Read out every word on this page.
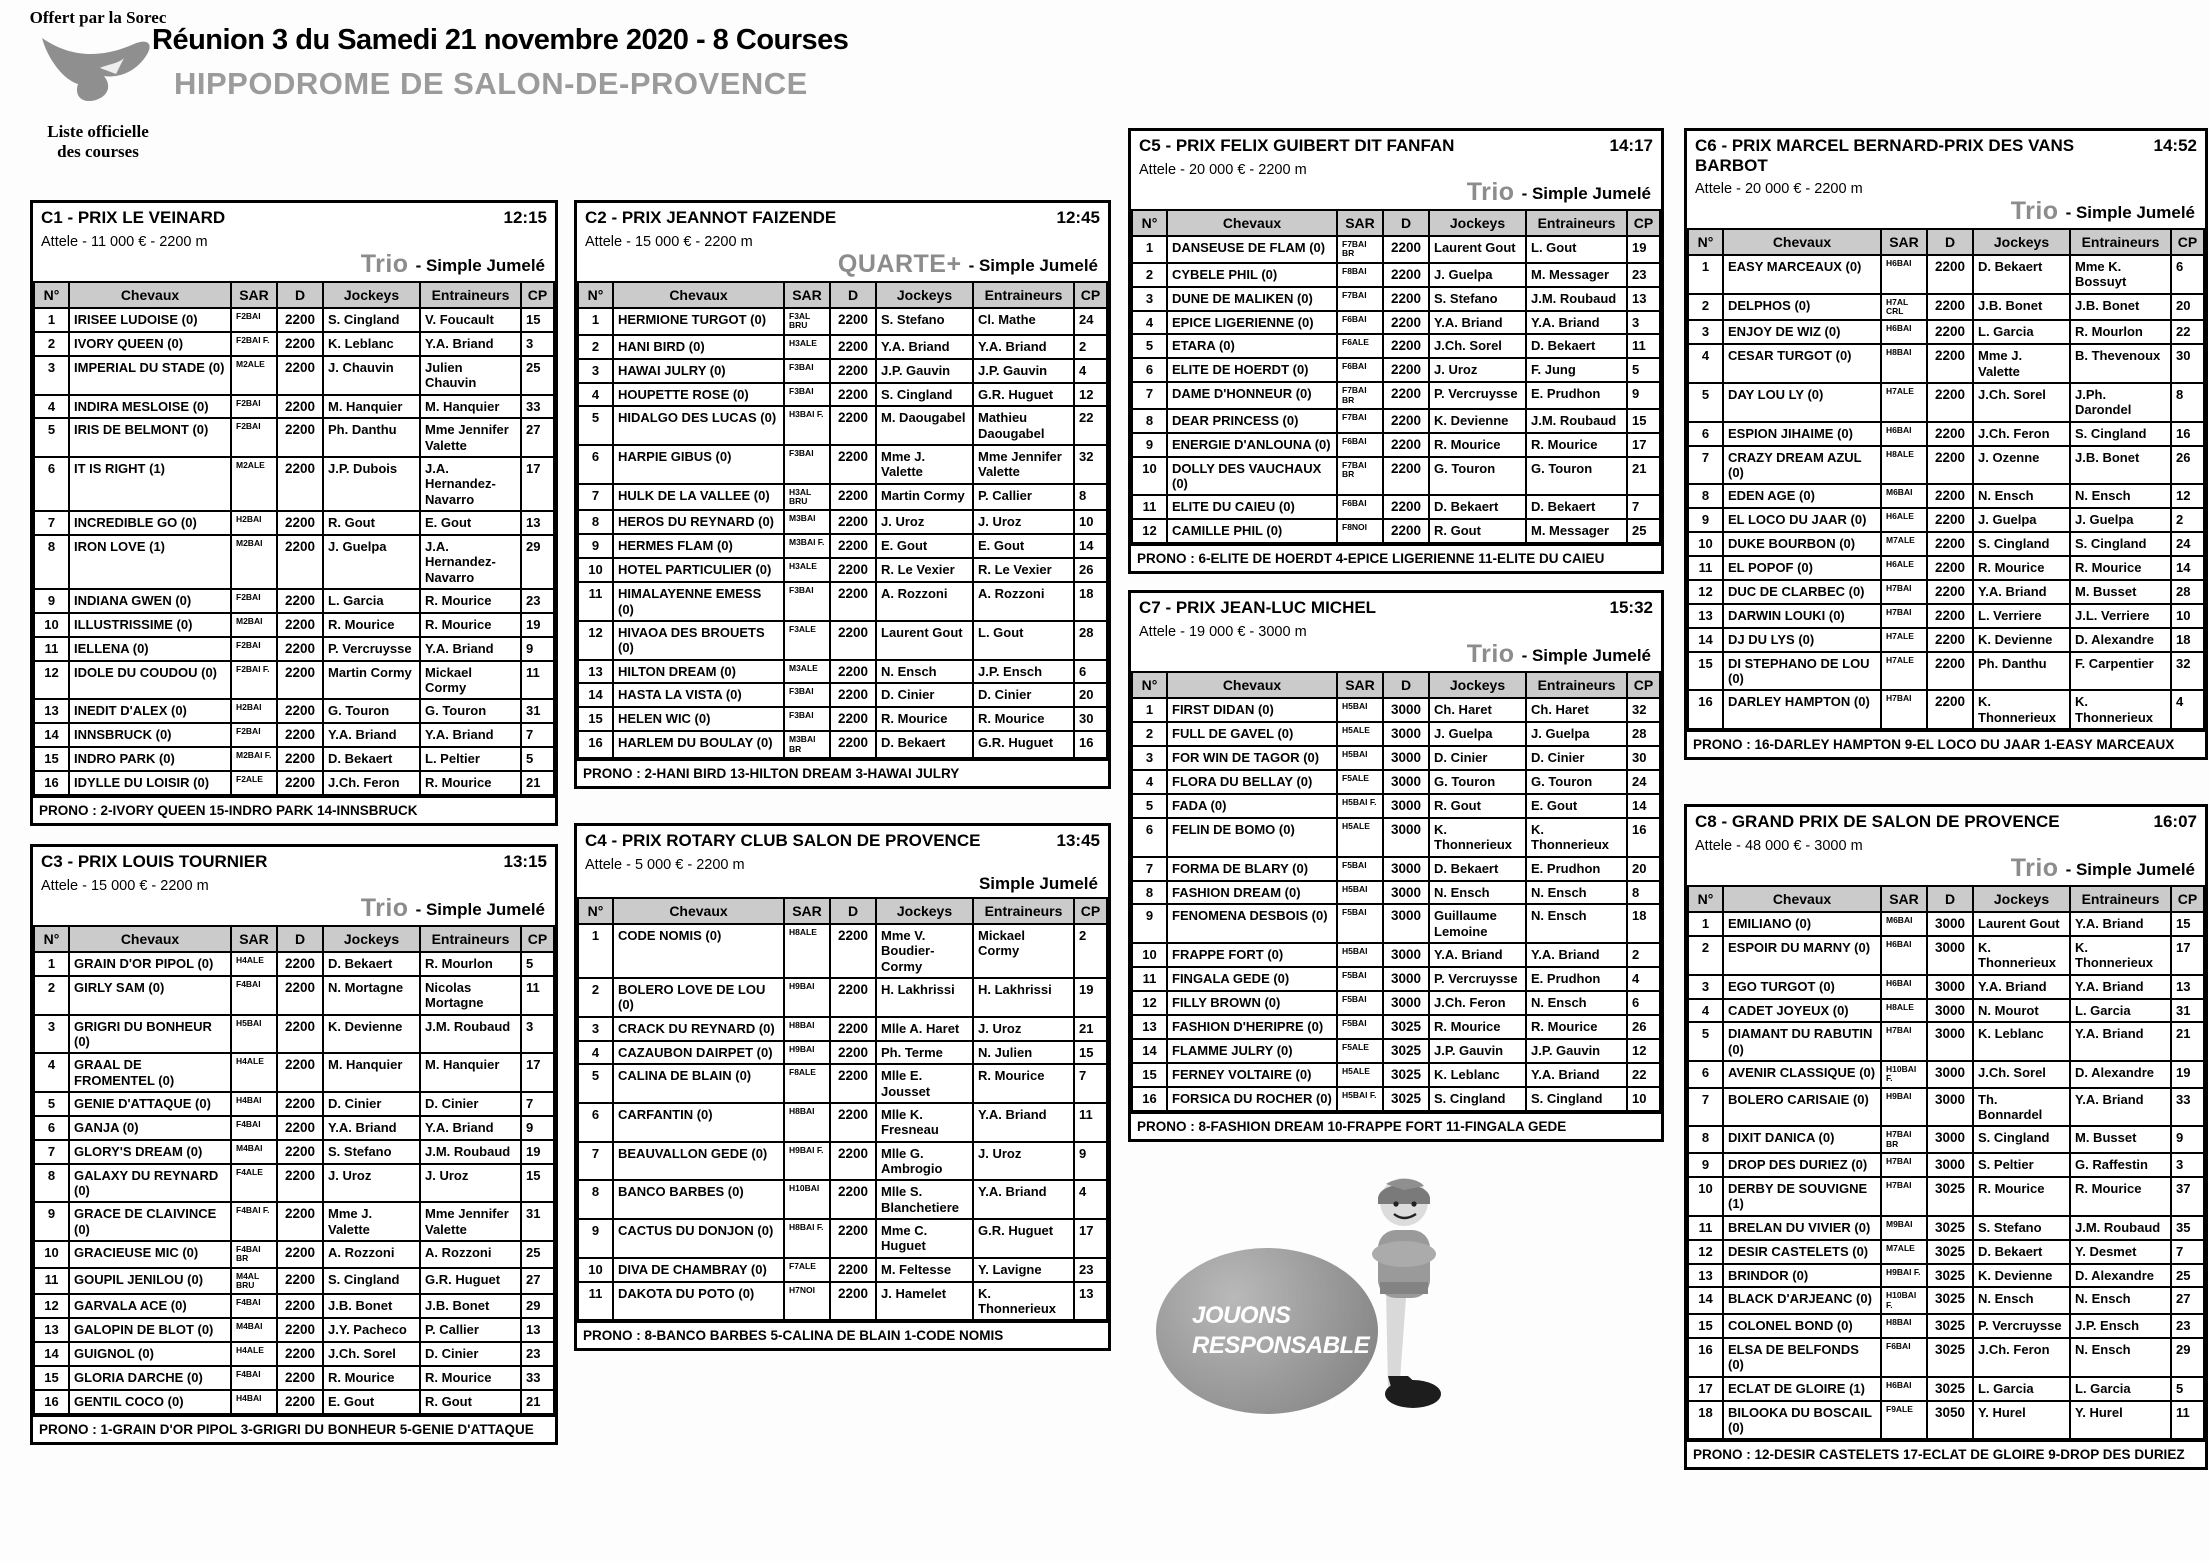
Offert par la Sorec
Liste officielle
des courses
Réunion 3 du Samedi 21 novembre 2020 - 8 Courses
HIPPODROME DE SALON-DE-PROVENCE
C1 - PRIX LE VEINARD	12:15
Attele - 11 000 € - 2200 m
Trio - Simple Jumelé
N°	Chevaux	SAR	D	Jockeys	Entraineurs	CP
1	IRISEE LUDOISE (0)	F2BAI	2200	S. Cingland	V. Foucault	15
2	IVORY QUEEN (0)	F2BAI F.	2200	K. Leblanc	Y.A. Briand	3
3	IMPERIAL DU STADE (0)	M2ALE	2200	J. Chauvin	Julien Chauvin	25
4	INDIRA MESLOISE (0)	F2BAI	2200	M. Hanquier	M. Hanquier	33
5	IRIS DE BELMONT (0)	F2BAI	2200	Ph. Danthu	Mme Jennifer Valette	27
6	IT IS RIGHT (1)	M2ALE	2200	J.P. Dubois	J.A. Hernandez-Navarro	17
7	INCREDIBLE GO (0)	H2BAI	2200	R. Gout	E. Gout	13
8	IRON LOVE (1)	M2BAI	2200	J. Guelpa	J.A. Hernandez-Navarro	29
9	INDIANA GWEN (0)	F2BAI	2200	L. Garcia	R. Mourice	23
10	ILLUSTRISSIME (0)	M2BAI	2200	R. Mourice	R. Mourice	19
11	IELLENA (0)	F2BAI	2200	P. Vercruysse	Y.A. Briand	9
12	IDOLE DU COUDOU (0)	F2BAI F.	2200	Martin Cormy	Mickael Cormy	11
13	INEDIT D'ALEX (0)	H2BAI	2200	G. Touron	G. Touron	31
14	INNSBRUCK (0)	F2BAI	2200	Y.A. Briand	Y.A. Briand	7
15	INDRO PARK (0)	M2BAI F.	2200	D. Bekaert	L. Peltier	5
16	IDYLLE DU LOISIR (0)	F2ALE	2200	J.Ch. Feron	R. Mourice	21
PRONO : 2-IVORY QUEEN 15-INDRO PARK 14-INNSBRUCK
C3 - PRIX LOUIS TOURNIER	13:15
Attele - 15 000 € - 2200 m
Trio - Simple Jumelé
N°	Chevaux	SAR	D	Jockeys	Entraineurs	CP
1	GRAIN D'OR PIPOL (0)	H4ALE	2200	D. Bekaert	R. Mourlon	5
2	GIRLY SAM (0)	F4BAI	2200	N. Mortagne	Nicolas Mortagne	11
3	GRIGRI DU BONHEUR (0)	H5BAI	2200	K. Devienne	J.M. Roubaud	3
4	GRAAL DE FROMENTEL (0)	H4ALE	2200	M. Hanquier	M. Hanquier	17
5	GENIE D'ATTAQUE (0)	H4BAI	2200	D. Cinier	D. Cinier	7
6	GANJA (0)	F4BAI	2200	Y.A. Briand	Y.A. Briand	9
7	GLORY'S DREAM (0)	M4BAI	2200	S. Stefano	J.M. Roubaud	19
8	GALAXY DU REYNARD (0)	F4ALE	2200	J. Uroz	J. Uroz	15
9	GRACE DE CLAIVINCE (0)	F4BAI F.	2200	Mme J. Valette	Mme Jennifer Valette	31
10	GRACIEUSE MIC (0)	F4BAI BR	2200	A. Rozzoni	A. Rozzoni	25
11	GOUPIL JENILOU (0)	M4AL BRU	2200	S. Cingland	G.R. Huguet	27
12	GARVALA ACE (0)	F4BAI	2200	J.B. Bonet	J.B. Bonet	29
13	GALOPIN DE BLOT (0)	M4BAI	2200	J.Y. Pacheco	P. Callier	13
14	GUIGNOL (0)	H4ALE	2200	J.Ch. Sorel	D. Cinier	23
15	GLORIA DARCHE (0)	F4BAI	2200	R. Mourice	R. Mourice	33
16	GENTIL COCO (0)	H4BAI	2200	E. Gout	R. Gout	21
PRONO : 1-GRAIN D'OR PIPOL 3-GRIGRI DU BONHEUR 5-GENIE D'ATTAQUE
C2 - PRIX JEANNOT FAIZENDE	12:45
Attele - 15 000 € - 2200 m
QUARTE+ - Simple Jumelé
N°	Chevaux	SAR	D	Jockeys	Entraineurs	CP
1	HERMIONE TURGOT (0)	F3AL BRU	2200	S. Stefano	Cl. Mathe	24
2	HANI BIRD (0)	H3ALE	2200	Y.A. Briand	Y.A. Briand	2
3	HAWAI JULRY (0)	F3BAI	2200	J.P. Gauvin	J.P. Gauvin	4
4	HOUPETTE ROSE (0)	F3BAI	2200	S. Cingland	G.R. Huguet	12
5	HIDALGO DES LUCAS (0)	H3BAI F.	2200	M. Daougabel	Mathieu Daougabel	22
6	HARPIE GIBUS (0)	F3BAI	2200	Mme J. Valette	Mme Jennifer Valette	32
7	HULK DE LA VALLEE (0)	H3AL BRU	2200	Martin Cormy	P. Callier	8
8	HEROS DU REYNARD (0)	M3BAI	2200	J. Uroz	J. Uroz	10
9	HERMES FLAM (0)	M3BAI F.	2200	E. Gout	E. Gout	14
10	HOTEL PARTICULIER (0)	H3ALE	2200	R. Le Vexier	R. Le Vexier	26
11	HIMALAYENNE EMESS (0)	F3BAI	2200	A. Rozzoni	A. Rozzoni	18
12	HIVAOA DES BROUETS (0)	F3ALE	2200	Laurent Gout	L. Gout	28
13	HILTON DREAM (0)	M3ALE	2200	N. Ensch	J.P. Ensch	6
14	HASTA LA VISTA (0)	F3BAI	2200	D. Cinier	D. Cinier	20
15	HELEN WIC (0)	F3BAI	2200	R. Mourice	R. Mourice	30
16	HARLEM DU BOULAY (0)	M3BAI BR	2200	D. Bekaert	G.R. Huguet	16
PRONO : 2-HANI BIRD 13-HILTON DREAM 3-HAWAI JULRY
C4 - PRIX ROTARY CLUB SALON DE PROVENCE	13:45
Attele - 5 000 € - 2200 m
Simple Jumelé
N°	Chevaux	SAR	D	Jockeys	Entraineurs	CP
1	CODE NOMIS (0)	H8ALE	2200	Mme V. Boudier-Cormy	Mickael Cormy	2
2	BOLERO LOVE DE LOU (0)	H9BAI	2200	H. Lakhrissi	H. Lakhrissi	19
3	CRACK DU REYNARD (0)	H8BAI	2200	Mlle A. Haret	J. Uroz	21
4	CAZAUBON DAIRPET (0)	H9BAI	2200	Ph. Terme	N. Julien	15
5	CALINA DE BLAIN (0)	F8ALE	2200	Mlle E. Jousset	R. Mourice	7
6	CARFANTIN (0)	H8BAI	2200	Mlle K. Fresneau	Y.A. Briand	11
7	BEAUVALLON GEDE (0)	H9BAI F.	2200	Mlle G. Ambrogio	J. Uroz	9
8	BANCO BARBES (0)	H10BAI	2200	Mlle S. Blanchetiere	Y.A. Briand	4
9	CACTUS DU DONJON (0)	H8BAI F.	2200	Mme C. Huguet	G.R. Huguet	17
10	DIVA DE CHAMBRAY (0)	F7ALE	2200	M. Feltesse	Y. Lavigne	23
11	DAKOTA DU POTO (0)	H7NOI	2200	J. Hamelet	K. Thonnerieux	13
PRONO : 8-BANCO BARBES 5-CALINA DE BLAIN 1-CODE NOMIS
C5 - PRIX FELIX GUIBERT DIT FANFAN	14:17
Attele - 20 000 € - 2200 m
Trio - Simple Jumelé
N°	Chevaux	SAR	D	Jockeys	Entraineurs	CP
1	DANSEUSE DE FLAM (0)	F7BAI BR	2200	Laurent Gout	L. Gout	19
2	CYBELE PHIL (0)	F8BAI	2200	J. Guelpa	M. Messager	23
3	DUNE DE MALIKEN (0)	F7BAI	2200	S. Stefano	J.M. Roubaud	13
4	EPICE LIGERIENNE (0)	F6BAI	2200	Y.A. Briand	Y.A. Briand	3
5	ETARA (0)	F6ALE	2200	J.Ch. Sorel	D. Bekaert	11
6	ELITE DE HOERDT (0)	F6BAI	2200	J. Uroz	F. Jung	5
7	DAME D'HONNEUR (0)	F7BAI BR	2200	P. Vercruysse	E. Prudhon	9
8	DEAR PRINCESS (0)	F7BAI	2200	K. Devienne	J.M. Roubaud	15
9	ENERGIE D'ANLOUNA (0)	F6BAI	2200	R. Mourice	R. Mourice	17
10	DOLLY DES VAUCHAUX (0)	F7BAI BR	2200	G. Touron	G. Touron	21
11	ELITE DU CAIEU (0)	F6BAI	2200	D. Bekaert	D. Bekaert	7
12	CAMILLE PHIL (0)	F8NOI	2200	R. Gout	M. Messager	25
PRONO : 6-ELITE DE HOERDT 4-EPICE LIGERIENNE 11-ELITE DU CAIEU
C7 - PRIX JEAN-LUC MICHEL	15:32
Attele - 19 000 € - 3000 m
Trio - Simple Jumelé
N°	Chevaux	SAR	D	Jockeys	Entraineurs	CP
1	FIRST DIDAN (0)	H5BAI	3000	Ch. Haret	Ch. Haret	32
2	FULL DE GAVEL (0)	H5ALE	3000	J. Guelpa	J. Guelpa	28
3	FOR WIN DE TAGOR (0)	H5BAI	3000	D. Cinier	D. Cinier	30
4	FLORA DU BELLAY (0)	F5ALE	3000	G. Touron	G. Touron	24
5	FADA (0)	H5BAI F.	3000	R. Gout	E. Gout	14
6	FELIN DE BOMO (0)	H5ALE	3000	K. Thonnerieux	K. Thonnerieux	16
7	FORMA DE BLARY (0)	F5BAI	3000	D. Bekaert	E. Prudhon	20
8	FASHION DREAM (0)	H5BAI	3000	N. Ensch	N. Ensch	8
9	FENOMENA DESBOIS (0)	F5BAI	3000	Guillaume Lemoine	N. Ensch	18
10	FRAPPE FORT (0)	H5BAI	3000	Y.A. Briand	Y.A. Briand	2
11	FINGALA GEDE (0)	F5BAI	3000	P. Vercruysse	E. Prudhon	4
12	FILLY BROWN (0)	F5BAI	3000	J.Ch. Feron	N. Ensch	6
13	FASHION D'HERIPRE (0)	F5BAI	3025	R. Mourice	R. Mourice	26
14	FLAMME JULRY (0)	F5ALE	3025	J.P. Gauvin	J.P. Gauvin	12
15	FERNEY VOLTAIRE (0)	H5ALE	3025	K. Leblanc	Y.A. Briand	22
16	FORSICA DU ROCHER (0)	H5BAI F.	3025	S. Cingland	S. Cingland	10
PRONO : 8-FASHION DREAM 10-FRAPPE FORT 11-FINGALA GEDE
JOUONS
RESPONSABLE
C6 - PRIX MARCEL BERNARD-PRIX DES VANS BARBOT
14:52
Attele - 20 000 € - 2200 m
Trio - Simple Jumelé
N°	Chevaux	SAR	D	Jockeys	Entraineurs	CP
1	EASY MARCEAUX (0)	H6BAI	2200	D. Bekaert	Mme K. Bossuyt	6
2	DELPHOS (0)	H7AL CRL	2200	J.B. Bonet	J.B. Bonet	20
3	ENJOY DE WIZ (0)	H6BAI	2200	L. Garcia	R. Mourlon	22
4	CESAR TURGOT (0)	H8BAI	2200	Mme J. Valette	B. Thevenoux	30
5	DAY LOU LY (0)	H7ALE	2200	J.Ch. Sorel	J.Ph. Darondel	8
6	ESPION JIHAIME (0)	H6BAI	2200	J.Ch. Feron	S. Cingland	16
7	CRAZY DREAM AZUL (0)	H8ALE	2200	J. Ozenne	J.B. Bonet	26
8	EDEN AGE (0)	M6BAI	2200	N. Ensch	N. Ensch	12
9	EL LOCO DU JAAR (0)	H6ALE	2200	J. Guelpa	J. Guelpa	2
10	DUKE BOURBON (0)	M7ALE	2200	S. Cingland	S. Cingland	24
11	EL POPOF (0)	H6ALE	2200	R. Mourice	R. Mourice	14
12	DUC DE CLARBEC (0)	H7BAI	2200	Y.A. Briand	M. Busset	28
13	DARWIN LOUKI (0)	H7BAI	2200	L. Verriere	J.L. Verriere	10
14	DJ DU LYS (0)	H7ALE	2200	K. Devienne	D. Alexandre	18
15	DI STEPHANO DE LOU (0)	H7ALE	2200	Ph. Danthu	F. Carpentier	32
16	DARLEY HAMPTON (0)	H7BAI	2200	K. Thonnerieux	K. Thonnerieux	4
PRONO : 16-DARLEY HAMPTON 9-EL LOCO DU JAAR 1-EASY MARCEAUX
C8 - GRAND PRIX DE SALON DE PROVENCE	16:07
Attele - 48 000 € - 3000 m
Trio - Simple Jumelé
N°	Chevaux	SAR	D	Jockeys	Entraineurs	CP
1	EMILIANO (0)	M6BAI	3000	Laurent Gout	Y.A. Briand	15
2	ESPOIR DU MARNY (0)	H6BAI	3000	K. Thonnerieux	K. Thonnerieux	17
3	EGO TURGOT (0)	H6BAI	3000	Y.A. Briand	Y.A. Briand	13
4	CADET JOYEUX (0)	H8ALE	3000	N. Mourot	L. Garcia	31
5	DIAMANT DU RABUTIN (0)	H7BAI	3000	K. Leblanc	Y.A. Briand	21
6	AVENIR CLASSIQUE (0)	H10BAI F.	3000	J.Ch. Sorel	D. Alexandre	19
7	BOLERO CARISAIE (0)	H9BAI	3000	Th. Bonnardel	Y.A. Briand	33
8	DIXIT DANICA (0)	H7BAI BR	3000	S. Cingland	M. Busset	9
9	DROP DES DURIEZ (0)	H7BAI	3000	S. Peltier	G. Raffestin	3
10	DERBY DE SOUVIGNE (1)	H7BAI	3025	R. Mourice	R. Mourice	37
11	BRELAN DU VIVIER (0)	M9BAI	3025	S. Stefano	J.M. Roubaud	35
12	DESIR CASTELETS (0)	M7ALE	3025	D. Bekaert	Y. Desmet	7
13	BRINDOR (0)	H9BAI F.	3025	K. Devienne	D. Alexandre	25
14	BLACK D'ARJEANC (0)	H10BAI F.	3025	N. Ensch	N. Ensch	27
15	COLONEL BOND (0)	H8BAI	3025	P. Vercruysse	J.P. Ensch	23
16	ELSA DE BELFONDS (0)	F6BAI	3025	J.Ch. Feron	N. Ensch	29
17	ECLAT DE GLOIRE (1)	H6BAI	3025	L. Garcia	L. Garcia	5
18	BILOOKA DU BOSCAIL (0)	F9ALE	3050	Y. Hurel	Y. Hurel	11
PRONO : 12-DESIR CASTELETS 17-ECLAT DE GLOIRE 9-DROP DES DURIEZ
